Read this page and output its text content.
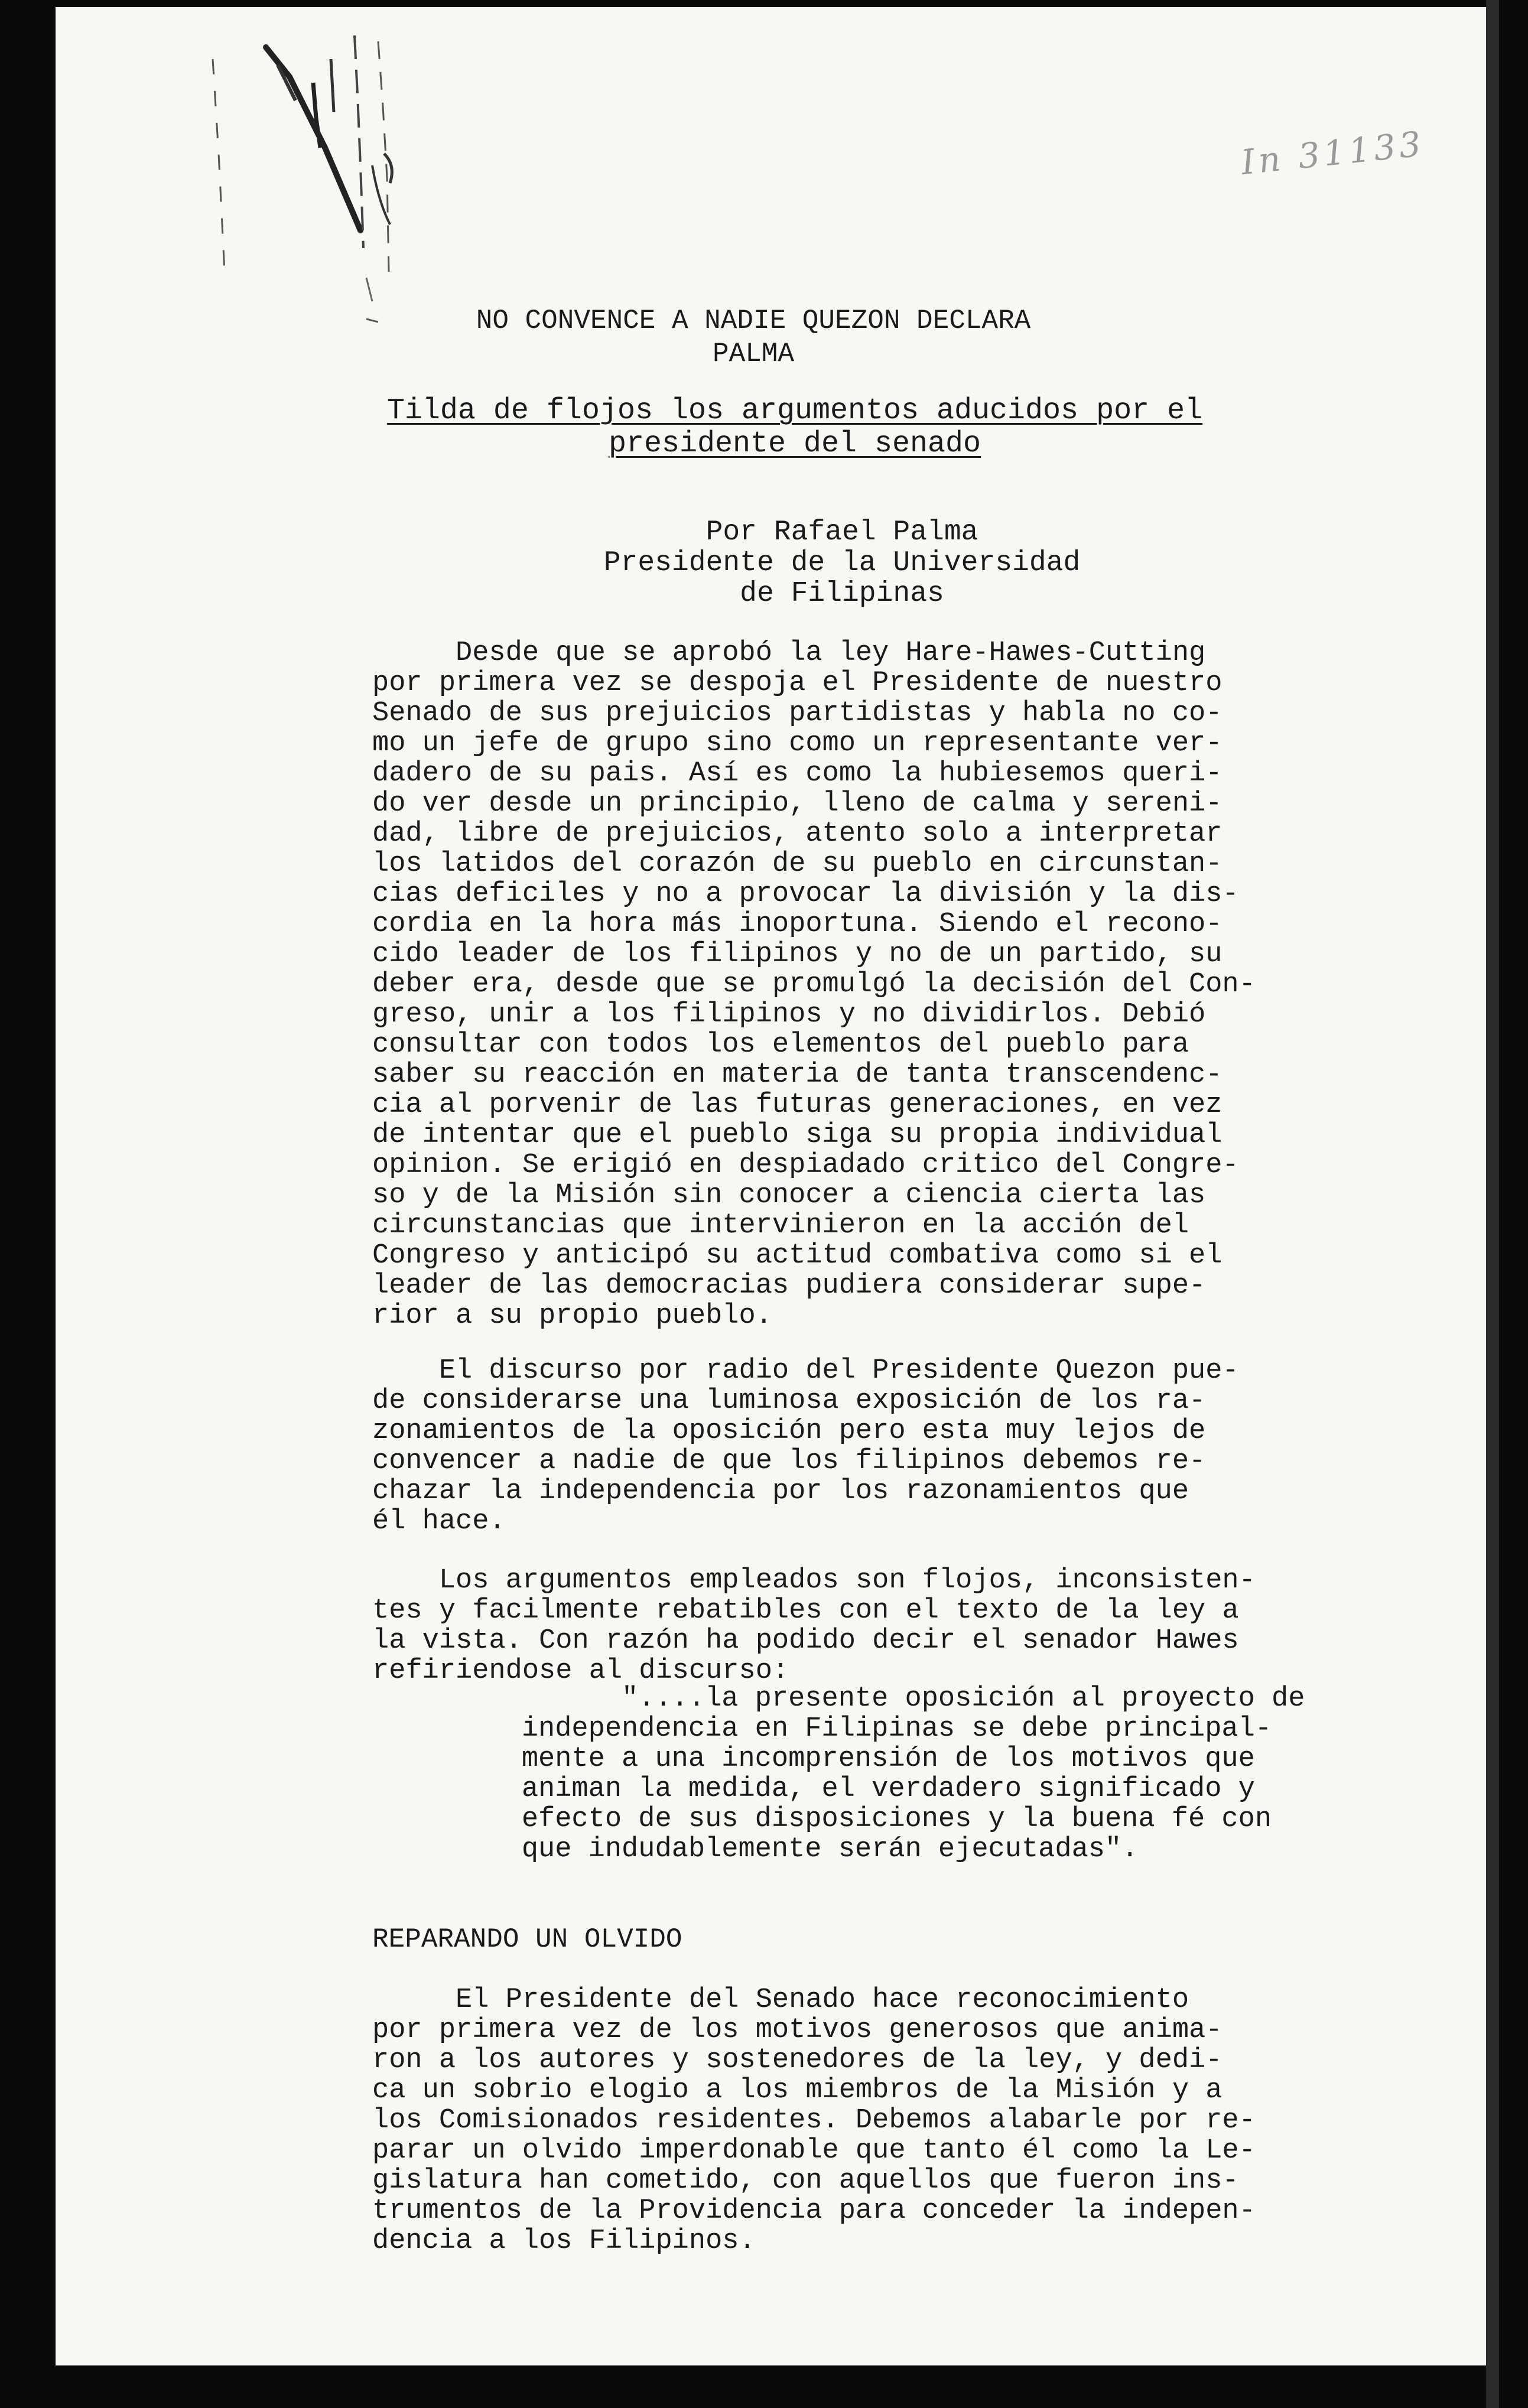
In 31133
NO CONVENCE A NADIE QUEZON DECLARA
PALMA
Tilda de flojos los argumentos aducidos por el
presidente del senado
Por Rafael Palma
Presidente de la Universidad
de Filipinas
Desde que se aprobó la ley Hare-Hawes-Cutting
por primera vez se despoja el Presidente de nuestro
Senado de sus prejuicios partidistas y habla no co-
mo un jefe de grupo sino como un representante ver-
dadero de su pais. Así es como la hubiesemos queri-
do ver desde un principio, lleno de calma y sereni-
dad, libre de prejuicios, atento solo a interpretar
los latidos del corazón de su pueblo en circunstan-
cias deficiles y no a provocar la división y la dis-
cordia en la hora más inoportuna. Siendo el recono-
cido leader de los filipinos y no de un partido, su
deber era, desde que se promulgó la decisión del Con-
greso, unir a los filipinos y no dividirlos. Debió
consultar con todos los elementos del pueblo para
saber su reacción en materia de tanta transcendenc-
cia al porvenir de las futuras generaciones, en vez
de intentar que el pueblo siga su propia individual
opinion. Se erigió en despiadado critico del Congre-
so y de la Misión sin conocer a ciencia cierta las
circunstancias que intervinieron en la acción del
Congreso y anticipó su actitud combativa como si el
leader de las democracias pudiera considerar supe-
rior a su propio pueblo.
El discurso por radio del Presidente Quezon pue-
de considerarse una luminosa exposición de los ra-
zonamientos de la oposición pero esta muy lejos de
convencer a nadie de que los filipinos debemos re-
chazar la independencia por los razonamientos que
él hace.
Los argumentos empleados son flojos, inconsisten-
tes y facilmente rebatibles con el texto de la ley a
la vista. Con razón ha podido decir el senador Hawes
refiriendose al discurso:
"....la presente oposición al proyecto de
independencia en Filipinas se debe principal-
mente a una incomprensión de los motivos que
animan la medida, el verdadero significado y
efecto de sus disposiciones y la buena fé con
que indudablemente serán ejecutadas".
REPARANDO UN OLVIDO
El Presidente del Senado hace reconocimiento
por primera vez de los motivos generosos que anima-
ron a los autores y sostenedores de la ley, y dedi-
ca un sobrio elogio a los miembros de la Misión y a
los Comisionados residentes. Debemos alabarle por re-
parar un olvido imperdonable que tanto él como la Le-
gislatura han cometido, con aquellos que fueron ins-
trumentos de la Providencia para conceder la indepen-
dencia a los Filipinos.
